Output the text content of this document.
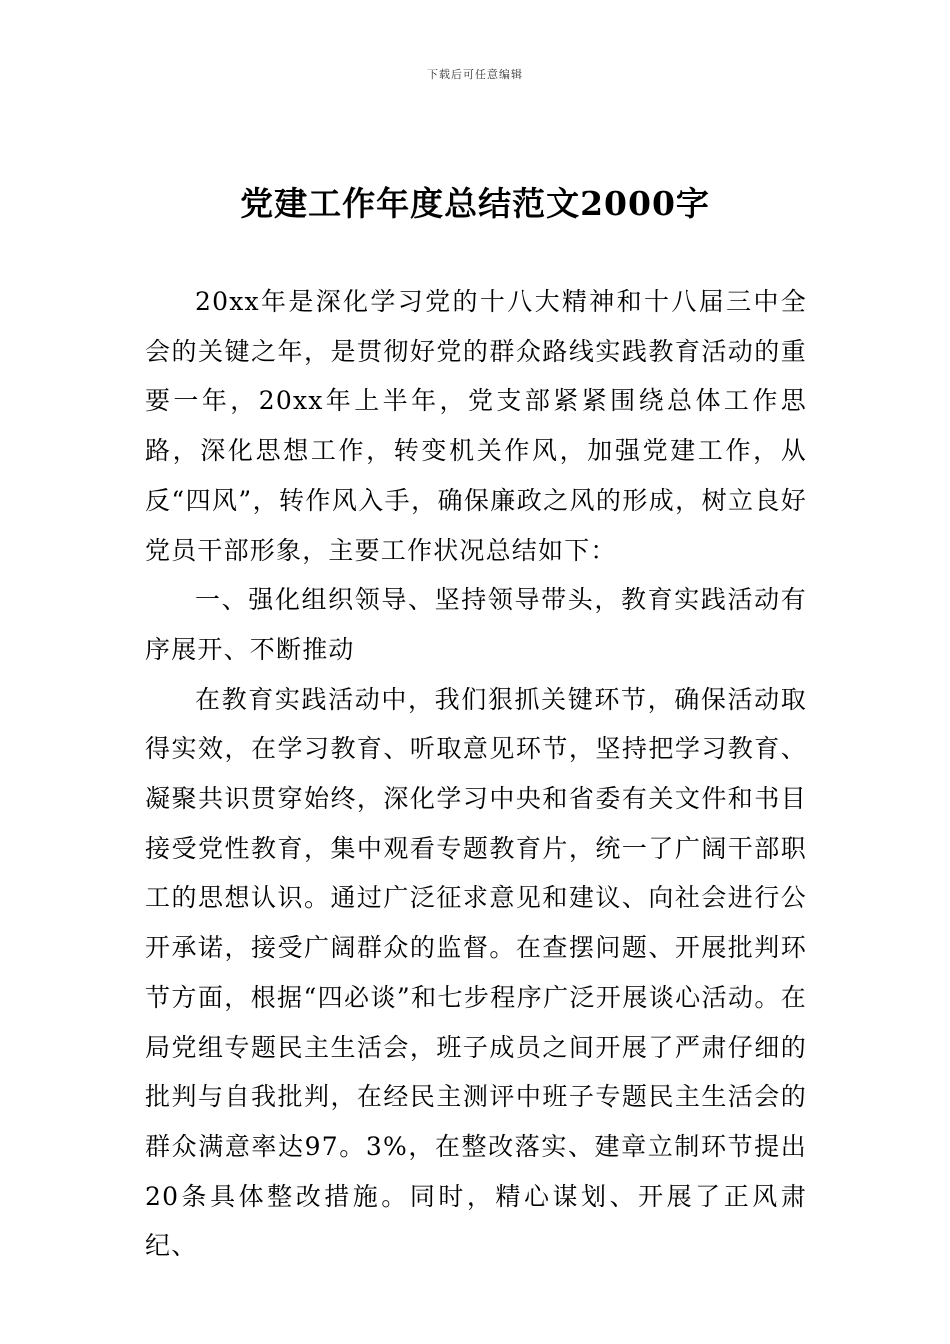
下载后可任意编辑
党建工作年度总结范文2000字

20xx年是深化学习党的十八大精神和十八届三中全会的关键之年，是贯彻好党的群众路线实践教育活动的重要一年，20xx年上半年，党支部紧紧围绕总体工作思路，深化思想工作，转变机关作风，加强党建工作，从反“四风”，转作风入手，确保廉政之风的形成，树立良好党员干部形象，主要工作状况总结如下：

一、强化组织领导、坚持领导带头，教育实践活动有序展开、不断推动

在教育实践活动中，我们狠抓关键环节，确保活动取得实效，在学习教育、听取意见环节，坚持把学习教育、凝聚共识贯穿始终，深化学习中央和省委有关文件和书目接受党性教育，集中观看专题教育片，统一了广阔干部职工的思想认识。通过广泛征求意见和建议、向社会进行公开承诺，接受广阔群众的监督。在查摆问题、开展批判环节方面，根据“四必谈”和七步程序广泛开展谈心活动。在局党组专题民主生活会，班子成员之间开展了严肃仔细的批判与自我批判，在经民主测评中班子专题民主生活会的群众满意率达97。3%，在整改落实、建章立制环节提出20条具体整改措施。同时，精心谋划、开展了正风肃纪、
